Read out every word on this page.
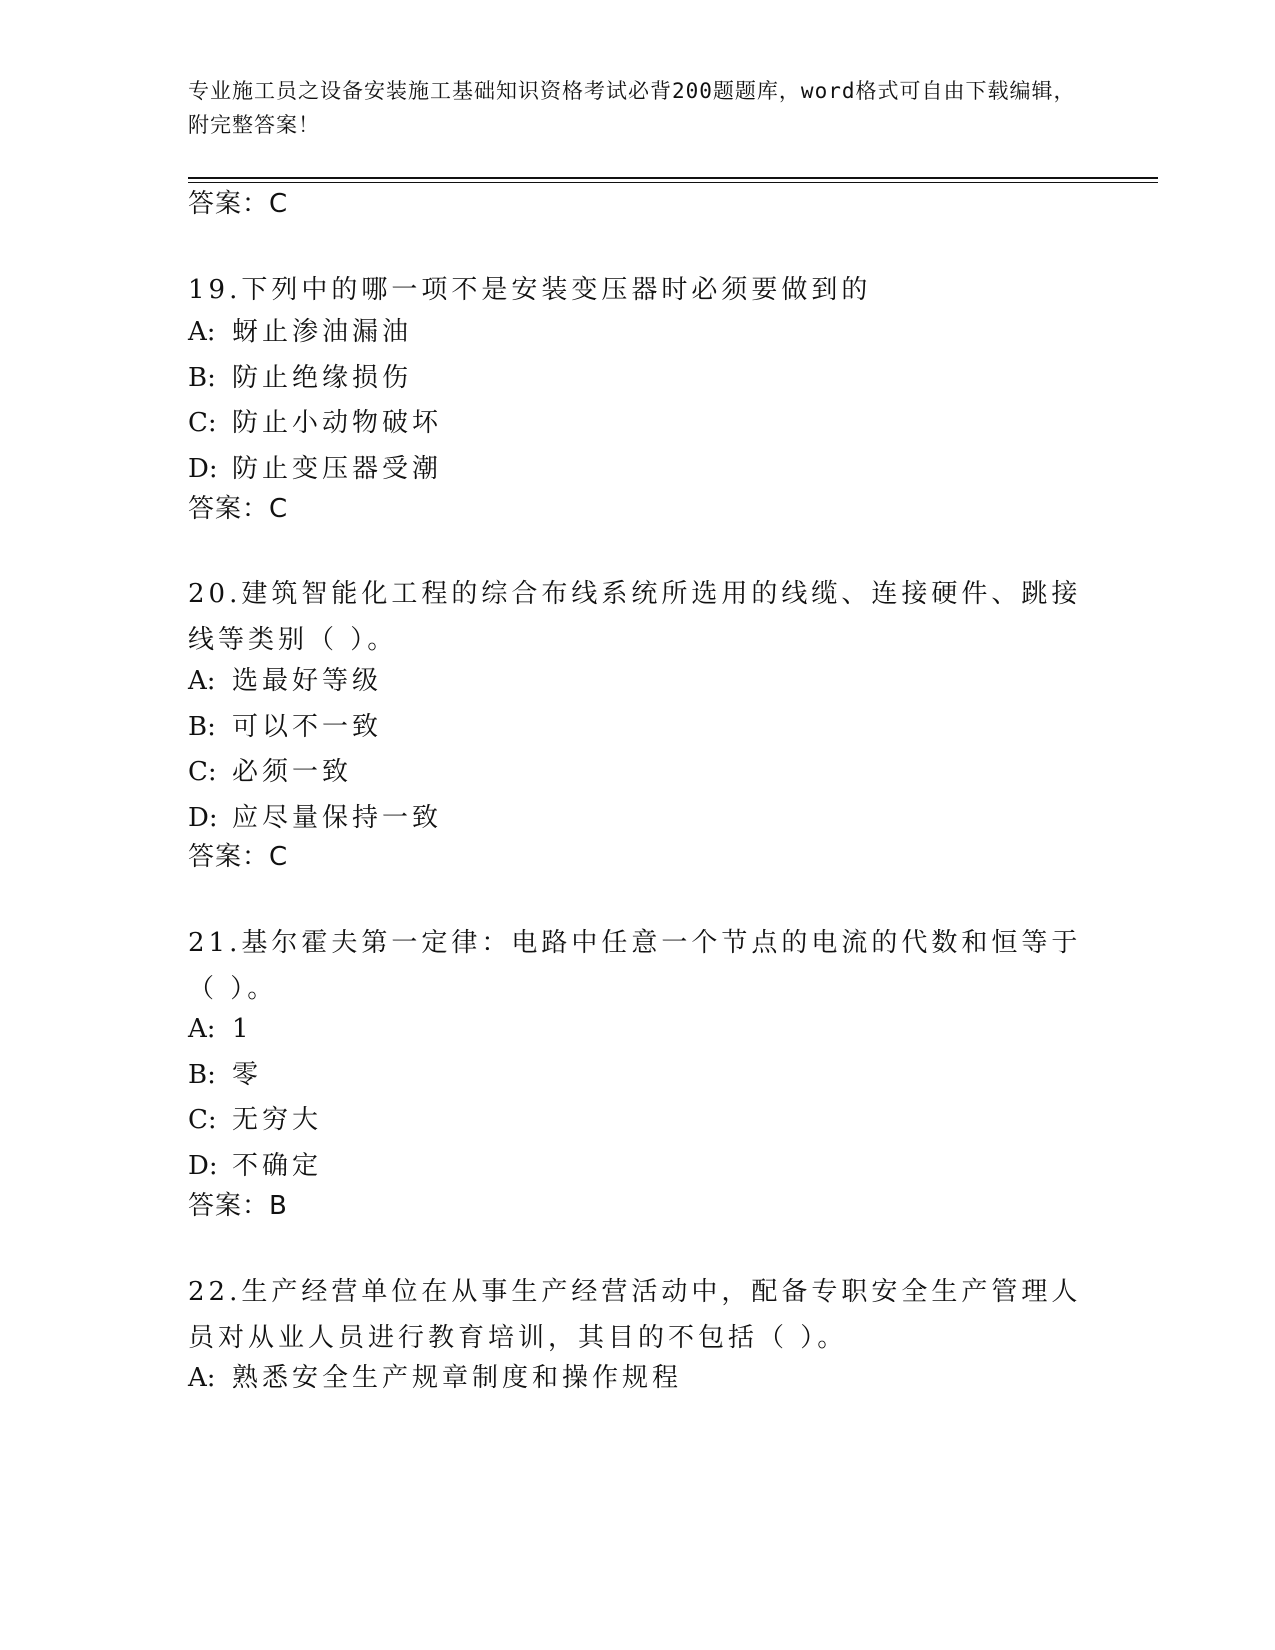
专业施工员之设备安装施工基础知识资格考试必背200题题库，word格式可自由下载编辑，附完整答案！
答案：C
19.下列中的哪一项不是安装变压器时必须要做到的
A: 蚜止渗油漏油
B: 防止绝缘损伤
C: 防止小动物破坏
D: 防止变压器受潮
答案：C
20.建筑智能化工程的综合布线系统所选用的线缆、连接硬件、跳接线等类别（ ）。
A: 选最好等级
B: 可以不一致
C: 必须一致
D: 应尽量保持一致
答案：C
21.基尔霍夫第一定律：电路中任意一个节点的电流的代数和恒等于（ ）。
A: 1
B: 零
C: 无穷大
D: 不确定
答案：B
22.生产经营单位在从事生产经营活动中，配备专职安全生产管理人员对从业人员进行教育培训，其目的不包括（ ）。
A: 熟悉安全生产规章制度和操作规程
